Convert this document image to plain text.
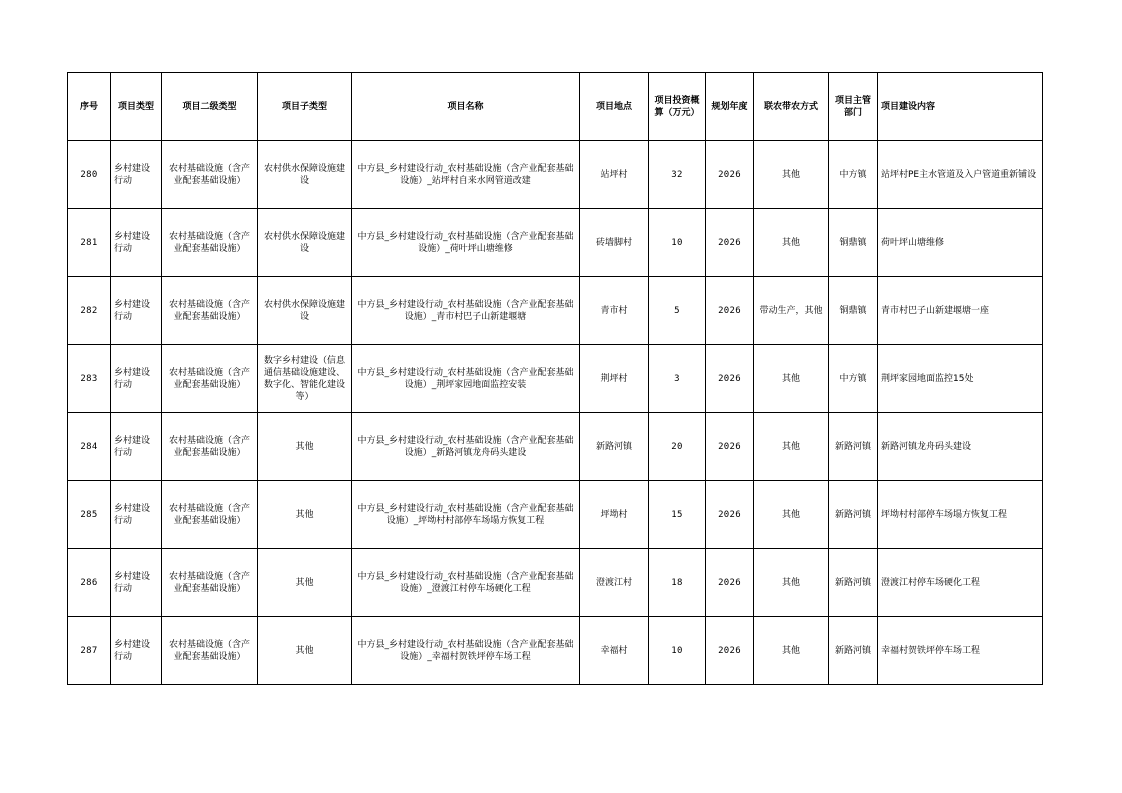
序号	项目类型	项目二级类型	项目子类型	项目名称	项目地点	项目投资概算（万元）	规划年度	联农带农方式	项目主管部门	项目建设内容
280	乡村建设行动	农村基础设施（含产业配套基础设施）	农村供水保障设施建设	中方县_乡村建设行动_农村基础设施（含产业配套基础设施）_站坪村自来水网管道改建	站坪村	32	2026	其他	中方镇	站坪村PE主水管道及入户管道重新铺设
281	乡村建设行动	农村基础设施（含产业配套基础设施）	农村供水保障设施建设	中方县_乡村建设行动_农村基础设施（含产业配套基础设施）_荷叶坪山塘维修	砖墙脚村	10	2026	其他	铜鼎镇	荷叶坪山塘维修
282	乡村建设行动	农村基础设施（含产业配套基础设施）	农村供水保障设施建设	中方县_乡村建设行动_农村基础设施（含产业配套基础设施）_青市村巴子山新建堰塘	青市村	5	2026	带动生产，其他	铜鼎镇	青市村巴子山新建堰塘一座
283	乡村建设行动	农村基础设施（含产业配套基础设施）	数字乡村建设（信息通信基础设施建设、数字化、智能化建设等）	中方县_乡村建设行动_农村基础设施（含产业配套基础设施）_荆坪家园地面监控安装	荆坪村	3	2026	其他	中方镇	荆坪家园地面监控15处
284	乡村建设行动	农村基础设施（含产业配套基础设施）	其他	中方县_乡村建设行动_农村基础设施（含产业配套基础设施）_新路河镇龙舟码头建设	新路河镇	20	2026	其他	新路河镇	新路河镇龙舟码头建设
285	乡村建设行动	农村基础设施（含产业配套基础设施）	其他	中方县_乡村建设行动_农村基础设施（含产业配套基础设施）_坪坳村村部停车场塌方恢复工程	坪坳村	15	2026	其他	新路河镇	坪坳村村部停车场塌方恢复工程
286	乡村建设行动	农村基础设施（含产业配套基础设施）	其他	中方县_乡村建设行动_农村基础设施（含产业配套基础设施）_澄渡江村停车场硬化工程	澄渡江村	18	2026	其他	新路河镇	澄渡江村停车场硬化工程
287	乡村建设行动	农村基础设施（含产业配套基础设施）	其他	中方县_乡村建设行动_农村基础设施（含产业配套基础设施）_幸福村贺铁坪停车场工程	幸福村	10	2026	其他	新路河镇	幸福村贺铁坪停车场工程
